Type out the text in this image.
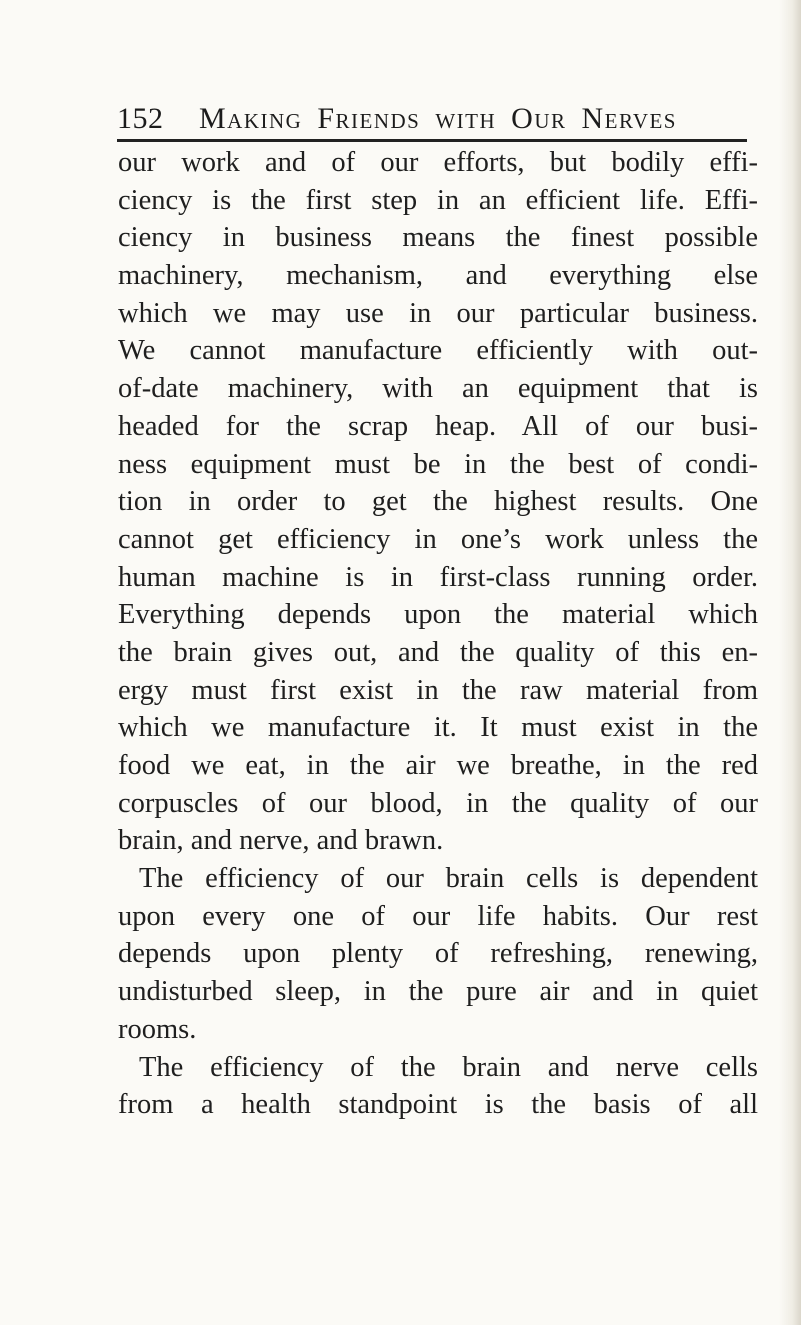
152 Making Friends with Our Nerves
our work and of our efforts, but bodily effi-
ciency is the first step in an efficient life. Effi-
ciency in business means the finest possible
machinery, mechanism, and everything else
which we may use in our particular business.
We cannot manufacture efficiently with out-
of-date machinery, with an equipment that is
headed for the scrap heap. All of our busi-
ness equipment must be in the best of condi-
tion in order to get the highest results. One
cannot get efficiency in one’s work unless the
human machine is in first-class running order.
Everything depends upon the material which
the brain gives out, and the quality of this en-
ergy must first exist in the raw material from
which we manufacture it. It must exist in the
food we eat, in the air we breathe, in the red
corpuscles of our blood, in the quality of our
brain, and nerve, and brawn.
The efficiency of our brain cells is dependent
upon every one of our life habits. Our rest
depends upon plenty of refreshing, renewing,
undisturbed sleep, in the pure air and in quiet
rooms.
The efficiency of the brain and nerve cells
from a health standpoint is the basis of all
